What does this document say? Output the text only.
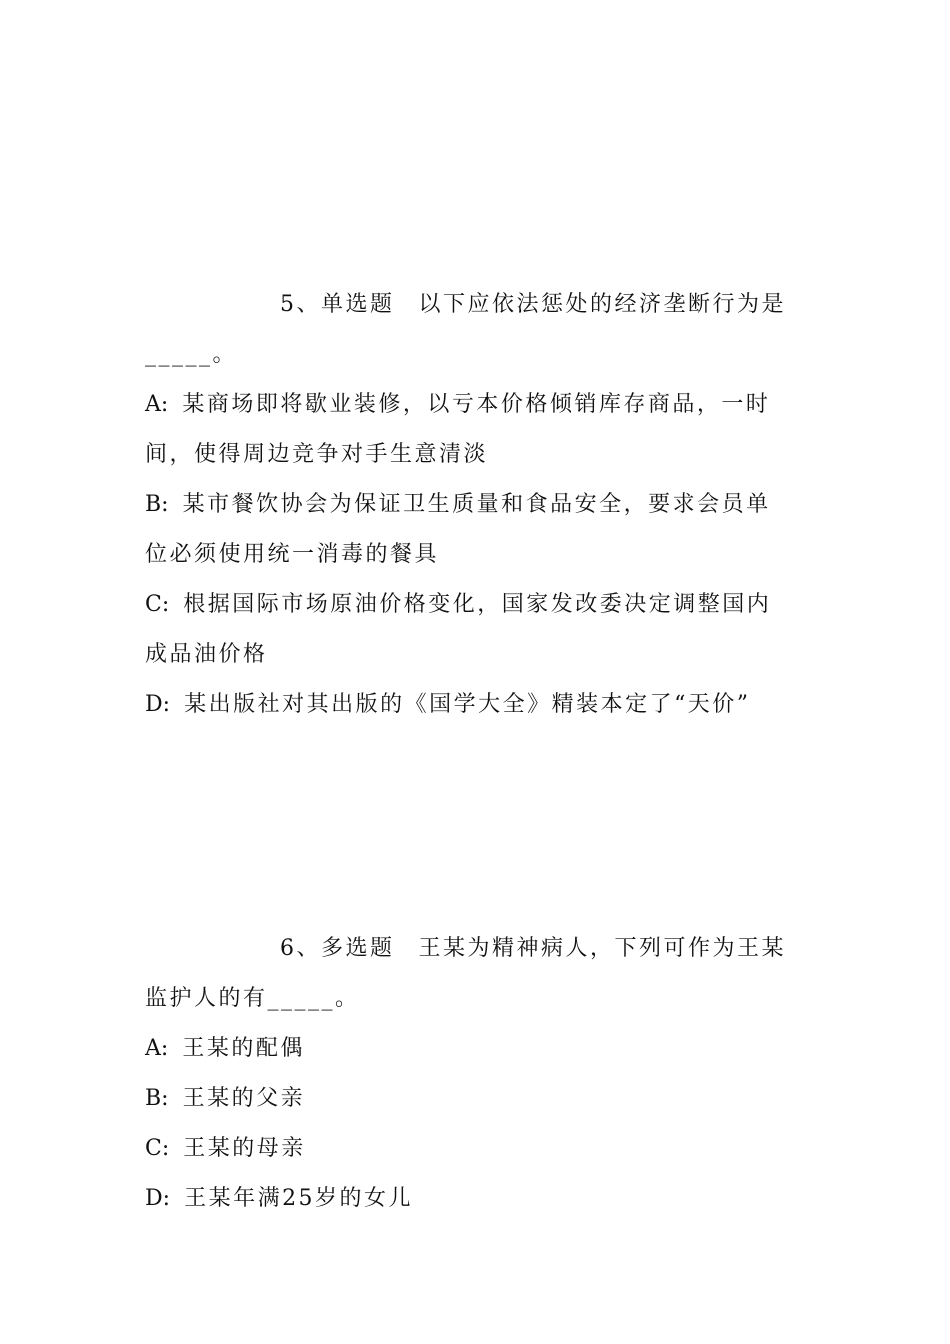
5、单选题 以下应依法惩处的经济垄断行为是
_____。
A: 某商场即将歇业装修，以亏本价格倾销库存商品，一时
间，使得周边竞争对手生意清淡
B: 某市餐饮协会为保证卫生质量和食品安全，要求会员单
位必须使用统一消毒的餐具
C: 根据国际市场原油价格变化，国家发改委决定调整国内
成品油价格
D: 某出版社对其出版的《国学大全》精装本定了“天价”
6、多选题 王某为精神病人，下列可作为王某
监护人的有_____。
A: 王某的配偶
B: 王某的父亲
C: 王某的母亲
D: 王某年满25岁的女儿
